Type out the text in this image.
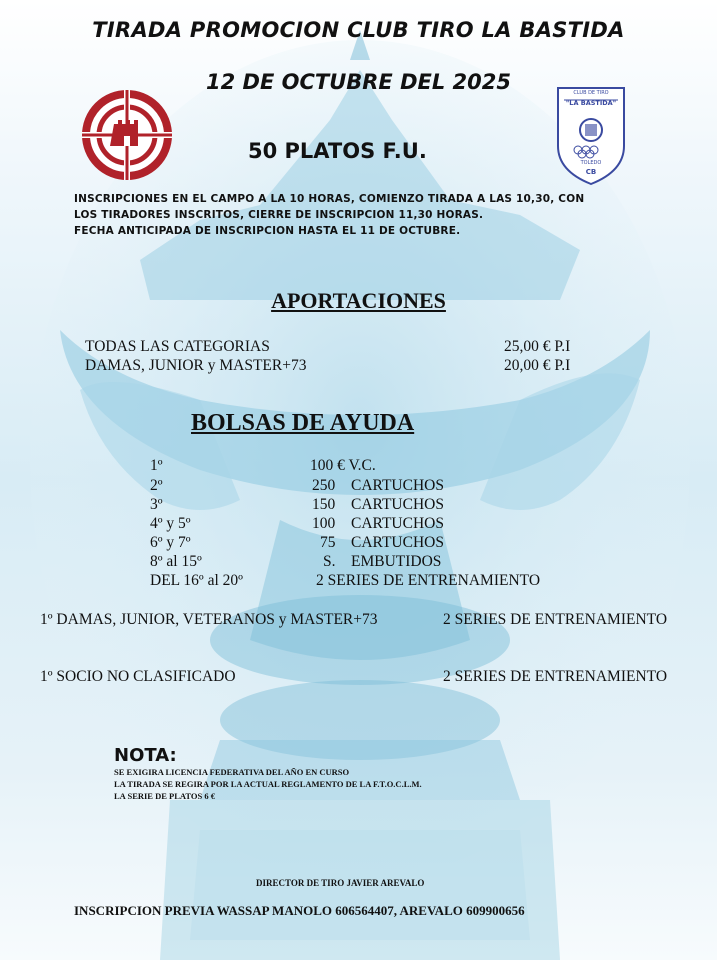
TIRADA PROMOCION CLUB TIRO LA BASTIDA
12 DE OCTUBRE DEL 2025
50 PLATOS F.U.
CLUB DE TIRO
"LA BASTIDA"
TOLEDO
CB
INSCRIPCIONES EN EL CAMPO A LA 10 HORAS, COMIENZO TIRADA A LAS 10,30, CON
LOS TIRADORES INSCRITOS, CIERRE DE INSCRIPCION 11,30 HORAS.
FECHA ANTICIPADA DE INSCRIPCION HASTA EL 11 DE OCTUBRE.
APORTACIONES
TODAS LAS CATEGORIAS	25,00 € P.I
DAMAS, JUNIOR y MASTER+73	20,00 € P.I
BOLSAS DE AYUDA
1º	100 € V.C.
2º	250 CARTUCHOS
3º	150 CARTUCHOS
4º y 5º	100 CARTUCHOS
6º y 7º	75 CARTUCHOS
8º al 15º	S. EMBUTIDOS
DEL 16º al 20º	2 SERIES DE ENTRENAMIENTO
1º DAMAS, JUNIOR, VETERANOS y MASTER+73	2 SERIES DE ENTRENAMIENTO
1º SOCIO NO CLASIFICADO	2 SERIES DE ENTRENAMIENTO
NOTA:
SE EXIGIRA LICENCIA FEDERATIVA DEL AÑO EN CURSO
LA TIRADA SE REGIRA POR LA ACTUAL REGLAMENTO DE LA F.T.O.C.L.M.
LA SERIE DE PLATOS 6 €
DIRECTOR DE TIRO JAVIER AREVALO
INSCRIPCION PREVIA WASSAP MANOLO 606564407, AREVALO 609900656
